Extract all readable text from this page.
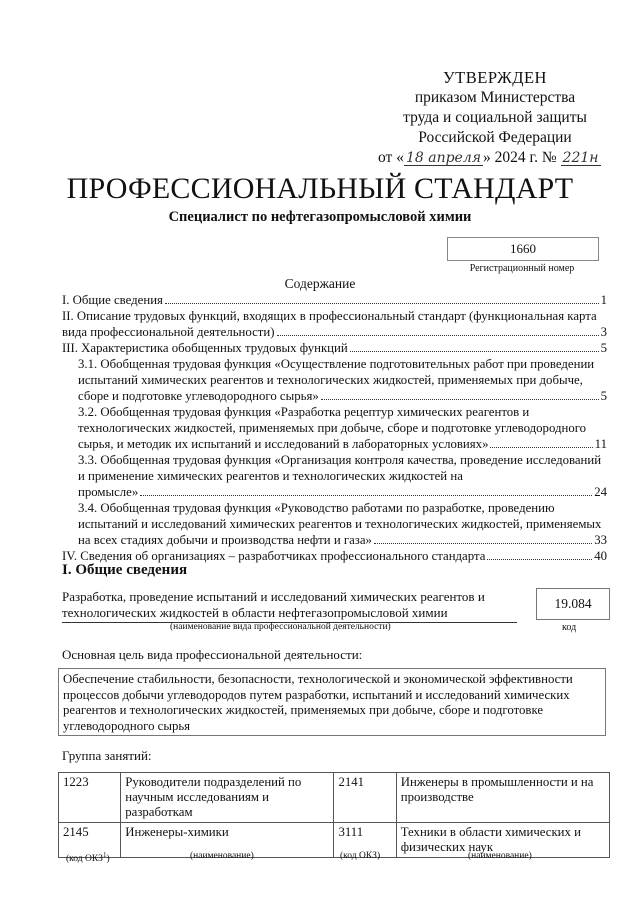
УТВЕРЖДЕН
приказом Министерства
труда и социальной защиты
Российской Федерации
от « 18 апреля » 2024 г. № 221н
ПРОФЕССИОНАЛЬНЫЙ СТАНДАРТ
Специалист по нефтегазопромысловой химии
1660
Регистрационный номер
Содержание
I. Общие сведения	1
II. Описание трудовых функций, входящих в профессиональный стандарт (функциональная карта
вида профессиональной деятельности)	3
III. Характеристика обобщенных трудовых функций	5
3.1. Обобщенная трудовая функция «Осуществление подготовительных работ при проведении испытаний химических реагентов и технологических жидкостей, применяемых при добыче,
сборе и подготовке углеводородного сырья»	5
3.2. Обобщенная трудовая функция «Разработка рецептур химических реагентов и технологических жидкостей, применяемых при добыче, сборе и подготовке углеводородного
сырья, и методик их испытаний и исследований в лабораторных условиях»	11
3.3. Обобщенная трудовая функция «Организация контроля качества, проведение исследований и применение химических реагентов и технологических жидкостей на
промысле»	24
3.4. Обобщенная трудовая функция «Руководство работами по разработке, проведению испытаний и исследований химических реагентов и технологических жидкостей, применяемых
на всех стадиях добычи и производства нефти и газа»	33
IV. Сведения об организациях – разработчиках профессионального стандарта	40
I. Общие сведения
Разработка, проведение испытаний и исследований химических реагентов и технологических жидкостей в области нефтегазопромысловой химии
19.084
(наименование вида профессиональной деятельности)	код
Основная цель вида профессиональной деятельности:
Обеспечение стабильности, безопасности, технологической и экономической эффективности процессов добычи углеводородов путем разработки, испытаний и исследований химических реагентов и технологических жидкостей, применяемых при добыче, сборе и подготовке углеводородного сырья
Группа занятий:
1223	Руководители подразделений по научным исследованиям и разработкам	2141	Инженеры в промышленности и на производстве
2145	Инженеры-химики	3111	Техники в области химических и физических наук
(код ОКЗ$^1$)	(наименование)	(код ОКЗ)	(наименование)
